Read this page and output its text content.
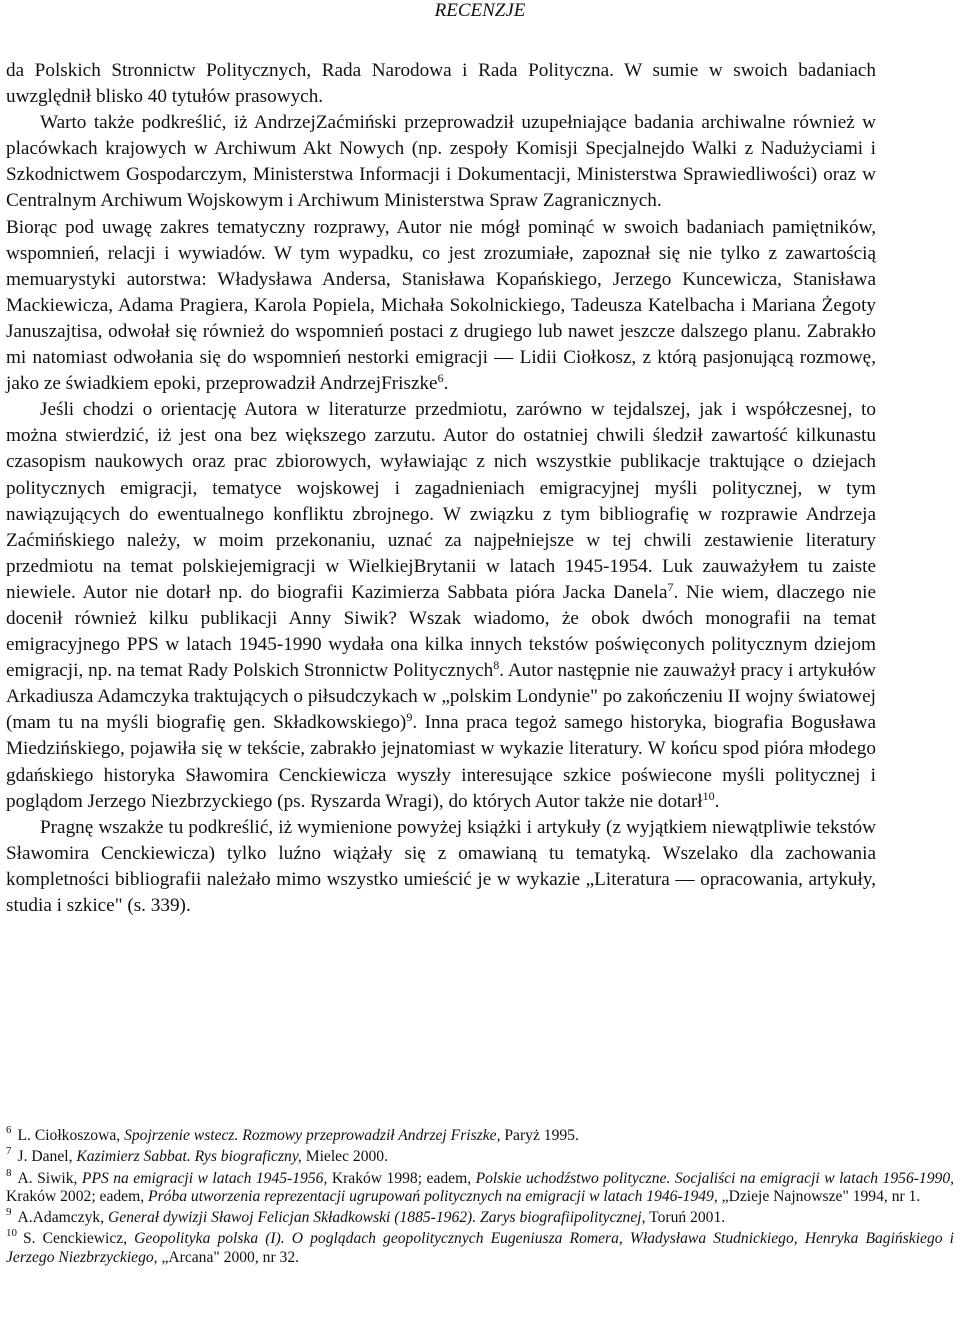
RECENZJE

da Polskich Stronnictw Politycznych, Rada Narodowa i Rada Polityczna. W sumie w swoich badaniach uwzględnił blisko 40 tytułów prasowych.

Warto także podkreślić, iż AndrzejZaćmiński przeprowadził uzupełniające badania archiwalne również w placówkach krajowych w Archiwum Akt Nowych (np. zespoły Komisji Specjalnejdo Walki z Nadużyciami i Szkodnictwem Gospodarczym, Ministerstwa Informacji i Dokumentacji, Ministerstwa Sprawiedliwości) oraz w Centralnym Archiwum Wojskowym i Archiwum Ministerstwa Spraw Zagranicznych.

Biorąc pod uwagę zakres tematyczny rozprawy, Autor nie mógł pominąć w swoich badaniach pamiętników, wspomnień, relacji i wywiadów. W tym wypadku, co jest zrozumiałe, zapoznał się nie tylko z zawartością memuarystyki autorstwa: Władysława Andersa, Stanisława Kopańskiego, Jerzego Kuncewicza, Stanisława Mackiewicza, Adama Pragiera, Karola Popiela, Michała Sokolnickiego, Tadeusza Katelbacha i Mariana Żegoty Januszajtisa, odwołał się również do wspomnień postaci z drugiego lub nawet jeszcze dalszego planu. Zabrakło mi natomiast odwołania się do wspomnień nestorki emigracji — Lidii Ciołkosz, z którą pasjonującą rozmowę, jako ze świadkiem epoki, przeprowadził AndrzejFriszke$^6$.

Jeśli chodzi o orientację Autora w literaturze przedmiotu, zarówno w tejdalszej, jak i współczesnej, to można stwierdzić, iż jest ona bez większego zarzutu. Autor do ostatniej chwili śledził zawartość kilkunastu czasopism naukowych oraz prac zbiorowych, wyławiając z nich wszystkie publikacje traktujące o dziejach politycznych emigracji, tematyce wojskowej i zagadnieniach emigracyjnej myśli politycznej, w tym nawiązujących do ewentualnego konfliktu zbrojnego. W związku z tym bibliografię w rozprawie Andrzeja Zaćmińskiego należy, w moim przekonaniu, uznać za najpełniejsze w tej chwili zestawienie literatury przedmiotu na temat polskiejemigracji w WielkiejBrytanii w latach 1945-1954. Luk zauważyłem tu zaiste niewiele. Autor nie dotarł np. do biografii Kazimierza Sabbata pióra Jacka Danela$^7$. Nie wiem, dlaczego nie docenił również kilku publikacji Anny Siwik? Wszak wiadomo, że obok dwóch monografii na temat emigracyjnego PPS w latach 1945-1990 wydała ona kilka innych tekstów poświęconych politycznym dziejom emigracji, np. na temat Rady Polskich Stronnictw Politycznych$^8$. Autor następnie nie zauważył pracy i artykułów Arkadiusza Adamczyka traktujących o piłsudczykach w „polskim Londynie" po zakończeniu II wojny światowej (mam tu na myśli biografię gen. Składkowskiego)$^9$. Inna praca tegoż samego historyka, biografia Bogusława Miedzińskiego, pojawiła się w tekście, zabrakło jejnatomiast w wykazie literatury. W końcu spod pióra młodego gdańskiego historyka Sławomira Cenckiewicza wyszły interesujące szkice poświecone myśli politycznej i poglądom Jerzego Niezbrzyckiego (ps. Ryszarda Wragi), do których Autor także nie dotarł$^{10}$.

Pragnę wszakże tu podkreślić, iż wymienione powyżej książki i artykuły (z wyjątkiem niewątpliwie tekstów Sławomira Cenckiewicza) tylko luźno wiążały się z omawianą tu tematyką. Wszelako dla zachowania kompletności bibliografii należało mimo wszystko umieścić je w wykazie „Literatura — opracowania, artykuły, studia i szkice" (s. 339).

$^6$ L. Ciołkoszowa, Spojrzenie wstecz. Rozmowy przeprowadził Andrzej Friszke, Paryż 1995.

$^7$ J. Danel, Kazimierz Sabbat. Rys biograficzny, Mielec 2000.

$^8$ A. Siwik, PPS na emigracji w latach 1945-1956, Kraków 1998; eadem, Polskie uchodźstwo polityczne. Socjaliści na emigracji w latach 1956-1990, Kraków 2002; eadem, Próba utworzenia reprezentacji ugrupowań politycznych na emigracji w latach 1946-1949, „Dzieje Najnowsze" 1994, nr 1.

$^9$ A.Adamczyk, Generał dywizji Sławoj Felicjan Składkowski (1885-1962). Zarys biografiipolitycznej, Toruń 2001.

$^{10}$ S. Cenckiewicz, Geopolityka polska (I). O poglądach geopolitycznych Eugeniusza Romera, Władysława Studnickiego, Henryka Bagińskiego i Jerzego Niezbrzyckiego, „Arcana" 2000, nr 32.
